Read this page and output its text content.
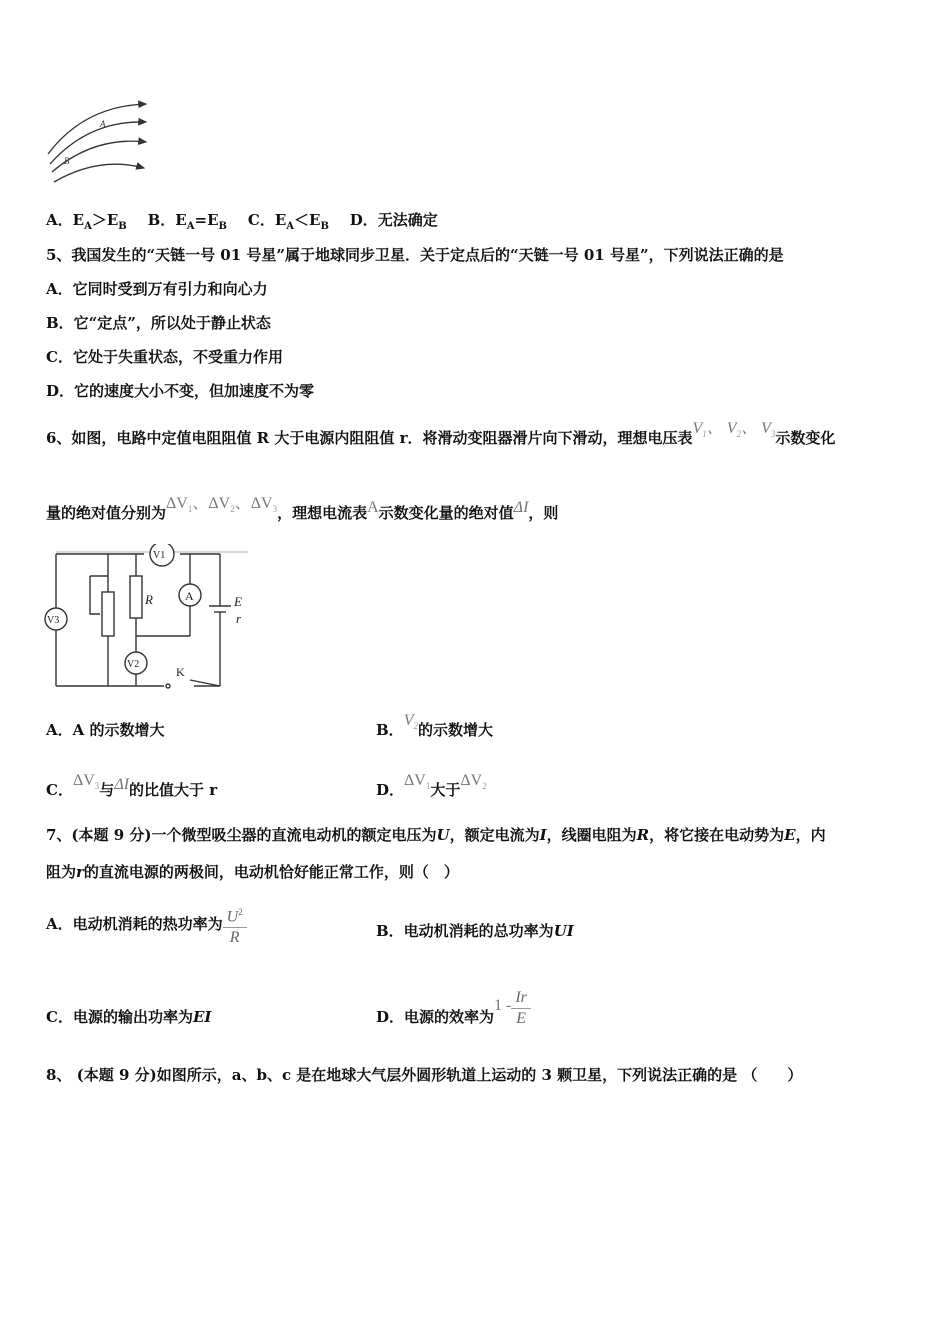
A
B
A．$E_A>E_B$ B．$E_A=E_B$ C．$E_A<E_B$ D．无法确定
5、我国发生的“天链一号 01 号星”属于地球同步卫星．关于定点后的“天链一号 01 号星”，下列说法正确的是
A．它同时受到万有引力和向心力
B．它“定点”，所以处于静止状态
C．它处于失重状态，不受重力作用
D．它的速度大小不变，但加速度不为零
6、如图，电路中定值电阻阻值 R 大于电源内阻阻值 r．将滑动变阻器滑片向下滑动，理想电压表$V_1$、 $V_2$、 $V_3$示数变化
量的绝对值分别为$\Delta V_1$、$\Delta V_2$、$\Delta V_3$，理想电流表A示数变化量的绝对值ΔI，则
V1
A
V3
V2
R	E
r
K
A．A 的示数增大	B．$V_2$的示数增大
C．$\Delta V_3$与ΔI的比值大于 r	D．$\Delta V_1$大于$\Delta V_2$
7、(本题 9 分)一个微型吸尘器的直流电动机的额定电压为U，额定电流为I，线圈电阻为R，将它接在电动势为E，内
阻为r的直流电源的两极间，电动机恰好能正常工作，则（　）
A．电动机消耗的热功率为 $\frac{U^2}{R}$	B．电动机消耗的总功率为UI
C．电源的输出功率为EI	D．电源的效率为$1 - \frac{Ir}{E}$
8、 (本题 9 分)如图所示，a、b、c 是在地球大气层外圆形轨道上运动的 3 颗卫星，下列说法正确的是 （　　）
